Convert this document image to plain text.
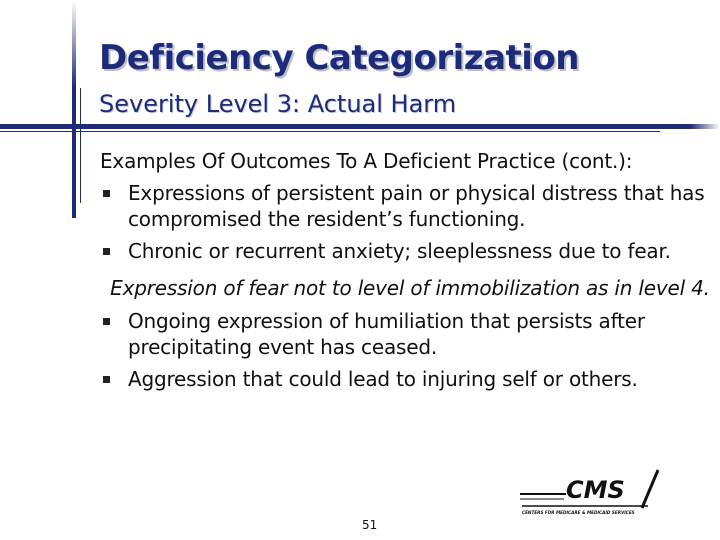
Deficiency Categorization
Severity Level 3: Actual Harm
Examples Of Outcomes To A Deficient Practice (cont.):
Expressions of persistent pain or physical distress that has compromised the resident’s functioning.
Chronic or recurrent anxiety; sleeplessness due to fear.
Expression of fear not to level of immobilization as in level 4.
Ongoing expression of humiliation that persists after precipitating event has ceased.
Aggression that could lead to injuring self or others.
CMS
CENTERS FOR MEDICARE & MEDICAID SERVICES
51
